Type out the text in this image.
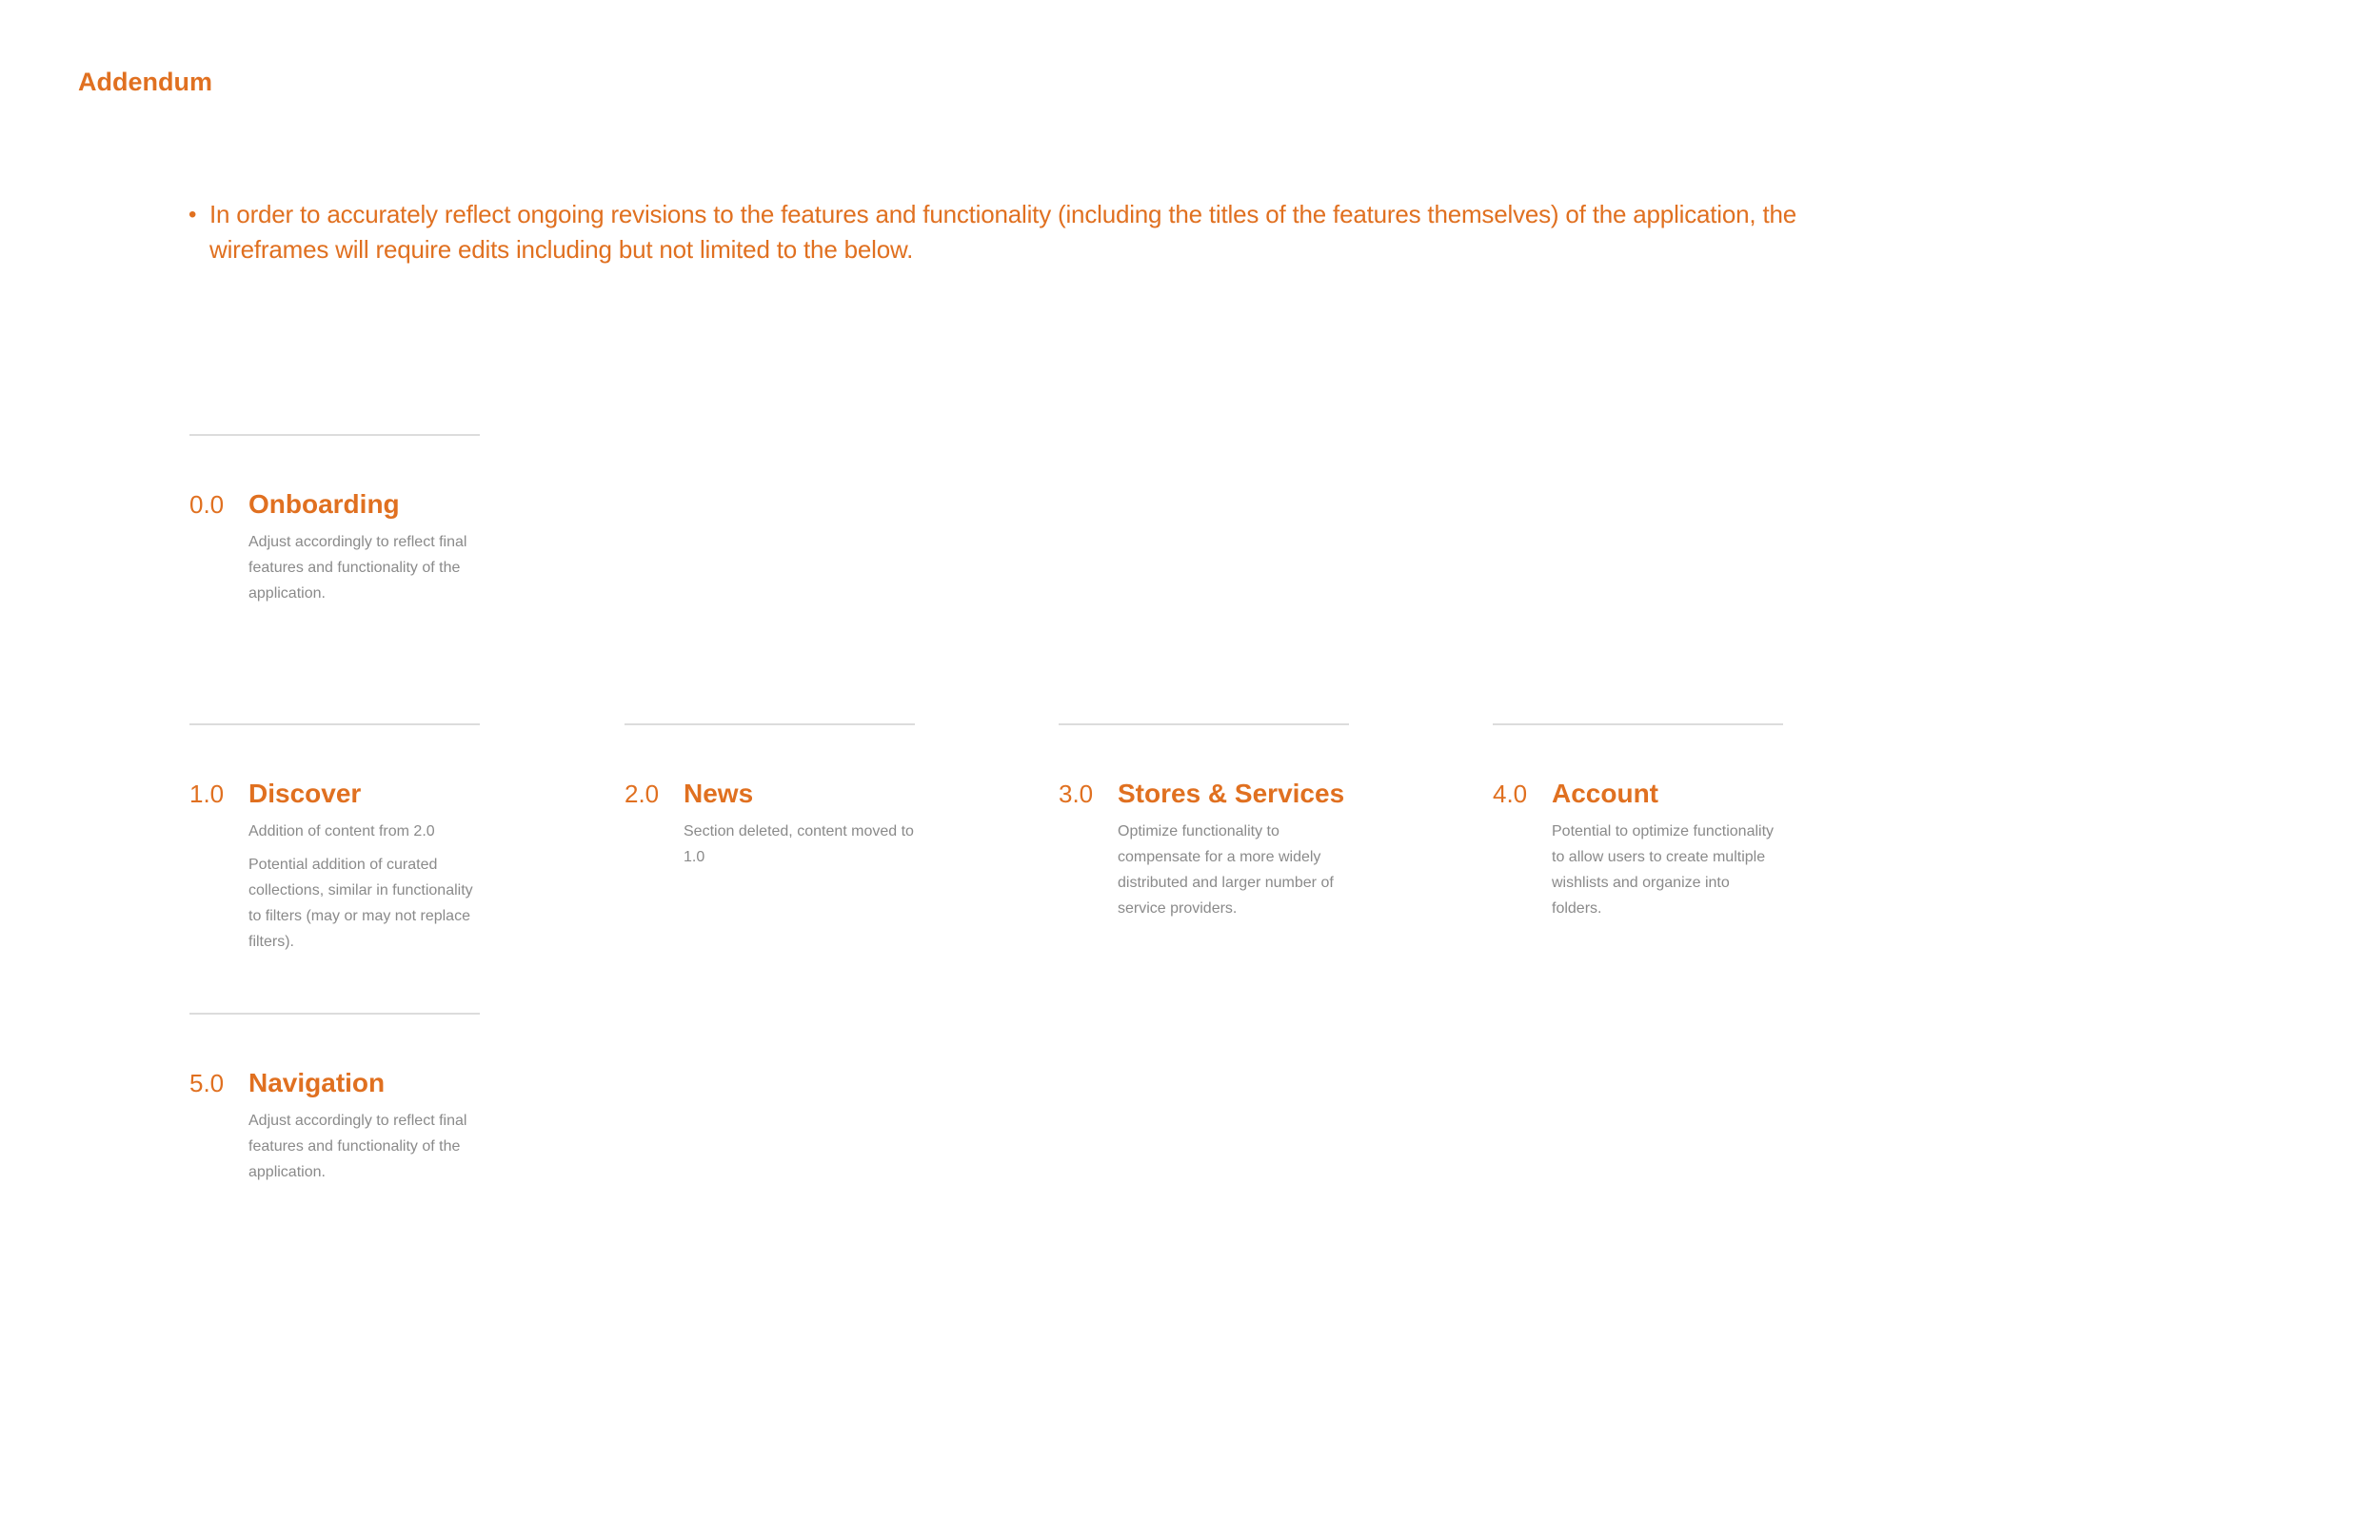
Addendum
• In order to accurately reflect ongoing revisions to the features and functionality (including the titles of the features themselves) of the application, the wireframes will require edits including but not limited to the below.
0.0 Onboarding

Adjust accordingly to reflect final features and functionality of the application.

1.0 Discover

Addition of content from 2.0

Potential addition of curated collections, similar in functionality to filters (may or may not replace filters).

2.0 News

Section deleted, content moved to 1.0

3.0 Stores & Services

Optimize functionality to compensate for a more widely distributed and larger number of service providers.

4.0 Account

Potential to optimize functionality to allow users to create multiple wishlists and organize into folders.

5.0 Navigation

Adjust accordingly to reflect final features and functionality of the application.
